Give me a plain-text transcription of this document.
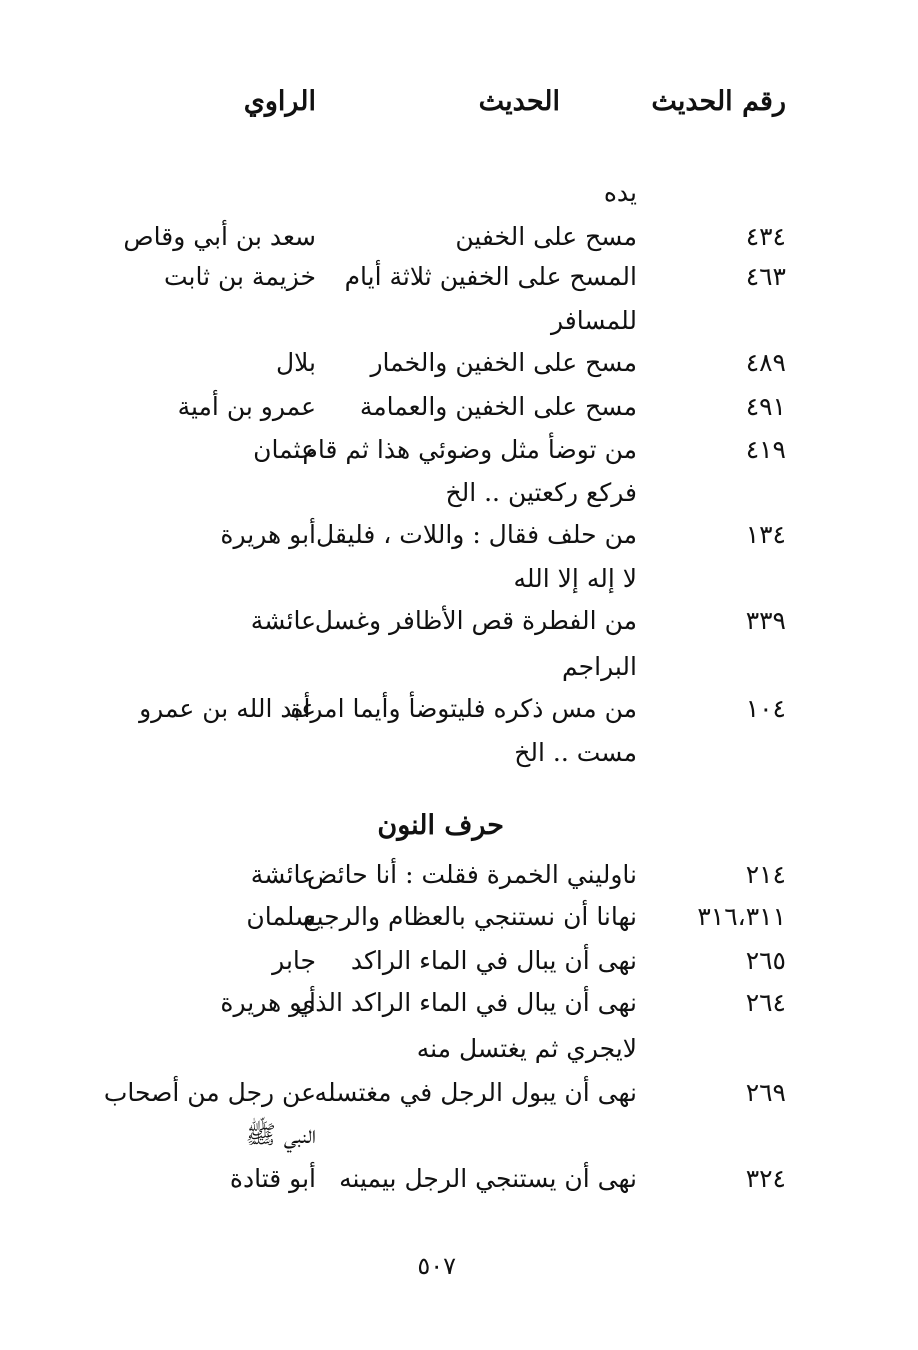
رقم الحديث
الحديث
الراوي
يده
٤٣٤
مسح على الخفين
سعد بن أبي وقاص
٤٦٣
المسح على الخفين ثلاثة أيام
للمسافر
خزيمة بن ثابت
٤٨٩
مسح على الخفين والخمار
بلال
٤٩١
مسح على الخفين والعمامة
عمرو بن أمية
٤١٩
من توضأ مثل وضوئي هذا ثم قام
فركع ركعتين .. الخ
عثمان
١٣٤
من حلف فقال : واللات ، فليقل
لا إله إلا الله
أبو هريرة
٣٣٩
من الفطرة قص الأظافر وغسل
البراجم
عائشة
١٠٤
من مس ذكره فليتوضأ وأيما امرأة
مست .. الخ
عبد الله بن عمرو
حرف النون
٢١٤
ناوليني الخمرة فقلت : أنا حائض
عائشة
٣١٦،٣١١
نهانا أن نستنجي بالعظام والرجيع
سلمان
٢٦٥
نهى أن يبال في الماء الراكد
جابر
٢٦٤
نهى أن يبال في الماء الراكد الذي
لايجري ثم يغتسل منه
أبو هريرة
٢٦٩
نهى أن يبول الرجل في مغتسله
عن رجل من أصحاب
النبي ﷺ
٣٢٤
نهى أن يستنجي الرجل بيمينه
أبو قتادة
٥٠٧
